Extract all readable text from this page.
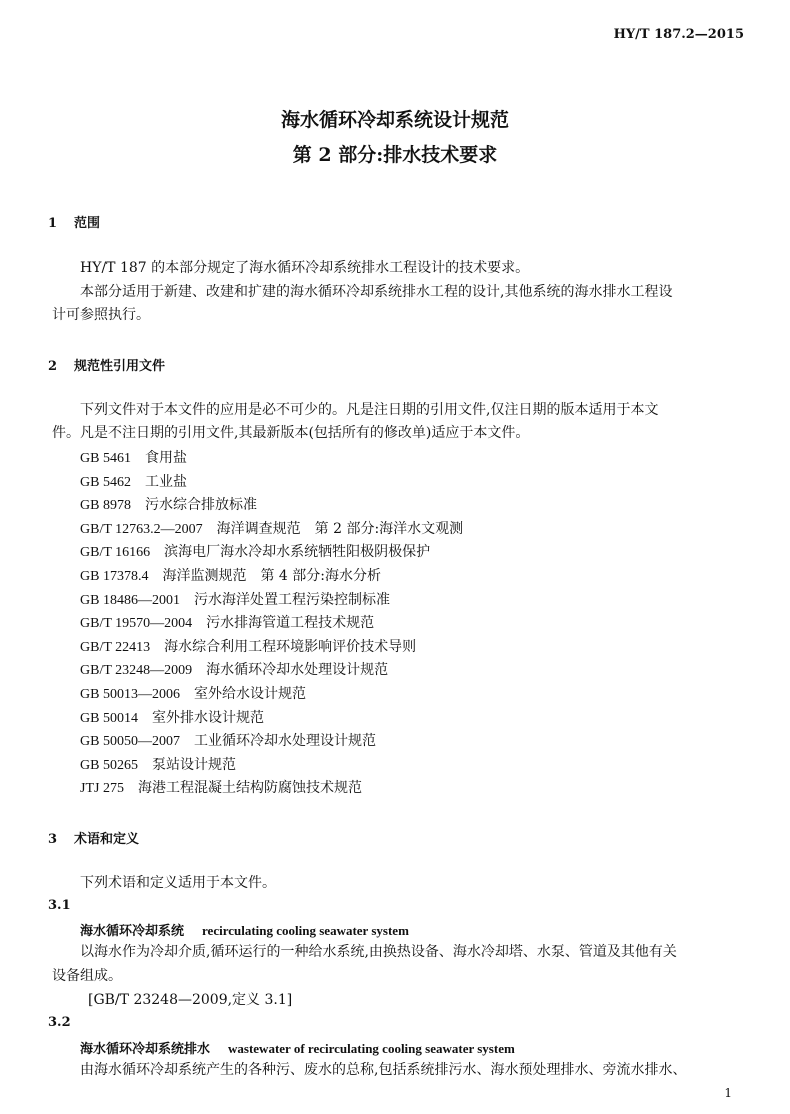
HY/T 187.2—2015
海水循环冷却系统设计规范
第 2 部分:排水技术要求
1 范围
HY/T 187 的本部分规定了海水循环冷却系统排水工程设计的技术要求。
本部分适用于新建、改建和扩建的海水循环冷却系统排水工程的设计,其他系统的海水排水工程设
计可参照执行。
2 规范性引用文件
下列文件对于本文件的应用是必不可少的。凡是注日期的引用文件,仅注日期的版本适用于本文
件。凡是不注日期的引用文件,其最新版本(包括所有的修改单)适应于本文件。
GB 5461 食用盐
GB 5462 工业盐
GB 8978 污水综合排放标准
GB/T 12763.2—2007 海洋调查规范　第 2 部分:海洋水文观测
GB/T 16166 滨海电厂海水冷却水系统牺牲阳极阴极保护
GB 17378.4 海洋监测规范　第 4 部分:海水分析
GB 18486—2001 污水海洋处置工程污染控制标准
GB/T 19570—2004 污水排海管道工程技术规范
GB/T 22413 海水综合利用工程环境影响评价技术导则
GB/T 23248—2009 海水循环冷却水处理设计规范
GB 50013—2006 室外给水设计规范
GB 50014 室外排水设计规范
GB 50050—2007 工业循环冷却水处理设计规范
GB 50265 泵站设计规范
JTJ 275 海港工程混凝土结构防腐蚀技术规范
3 术语和定义
下列术语和定义适用于本文件。
3.1
海水循环冷却系统 recirculating cooling seawater system
以海水作为冷却介质,循环运行的一种给水系统,由换热设备、海水冷却塔、水泵、管道及其他有关
设备组成。
[GB/T 23248—2009,定义 3.1]
3.2
海水循环冷却系统排水 wastewater of recirculating cooling seawater system
由海水循环冷却系统产生的各种污、废水的总称,包括系统排污水、海水预处理排水、旁流水排水、
1
